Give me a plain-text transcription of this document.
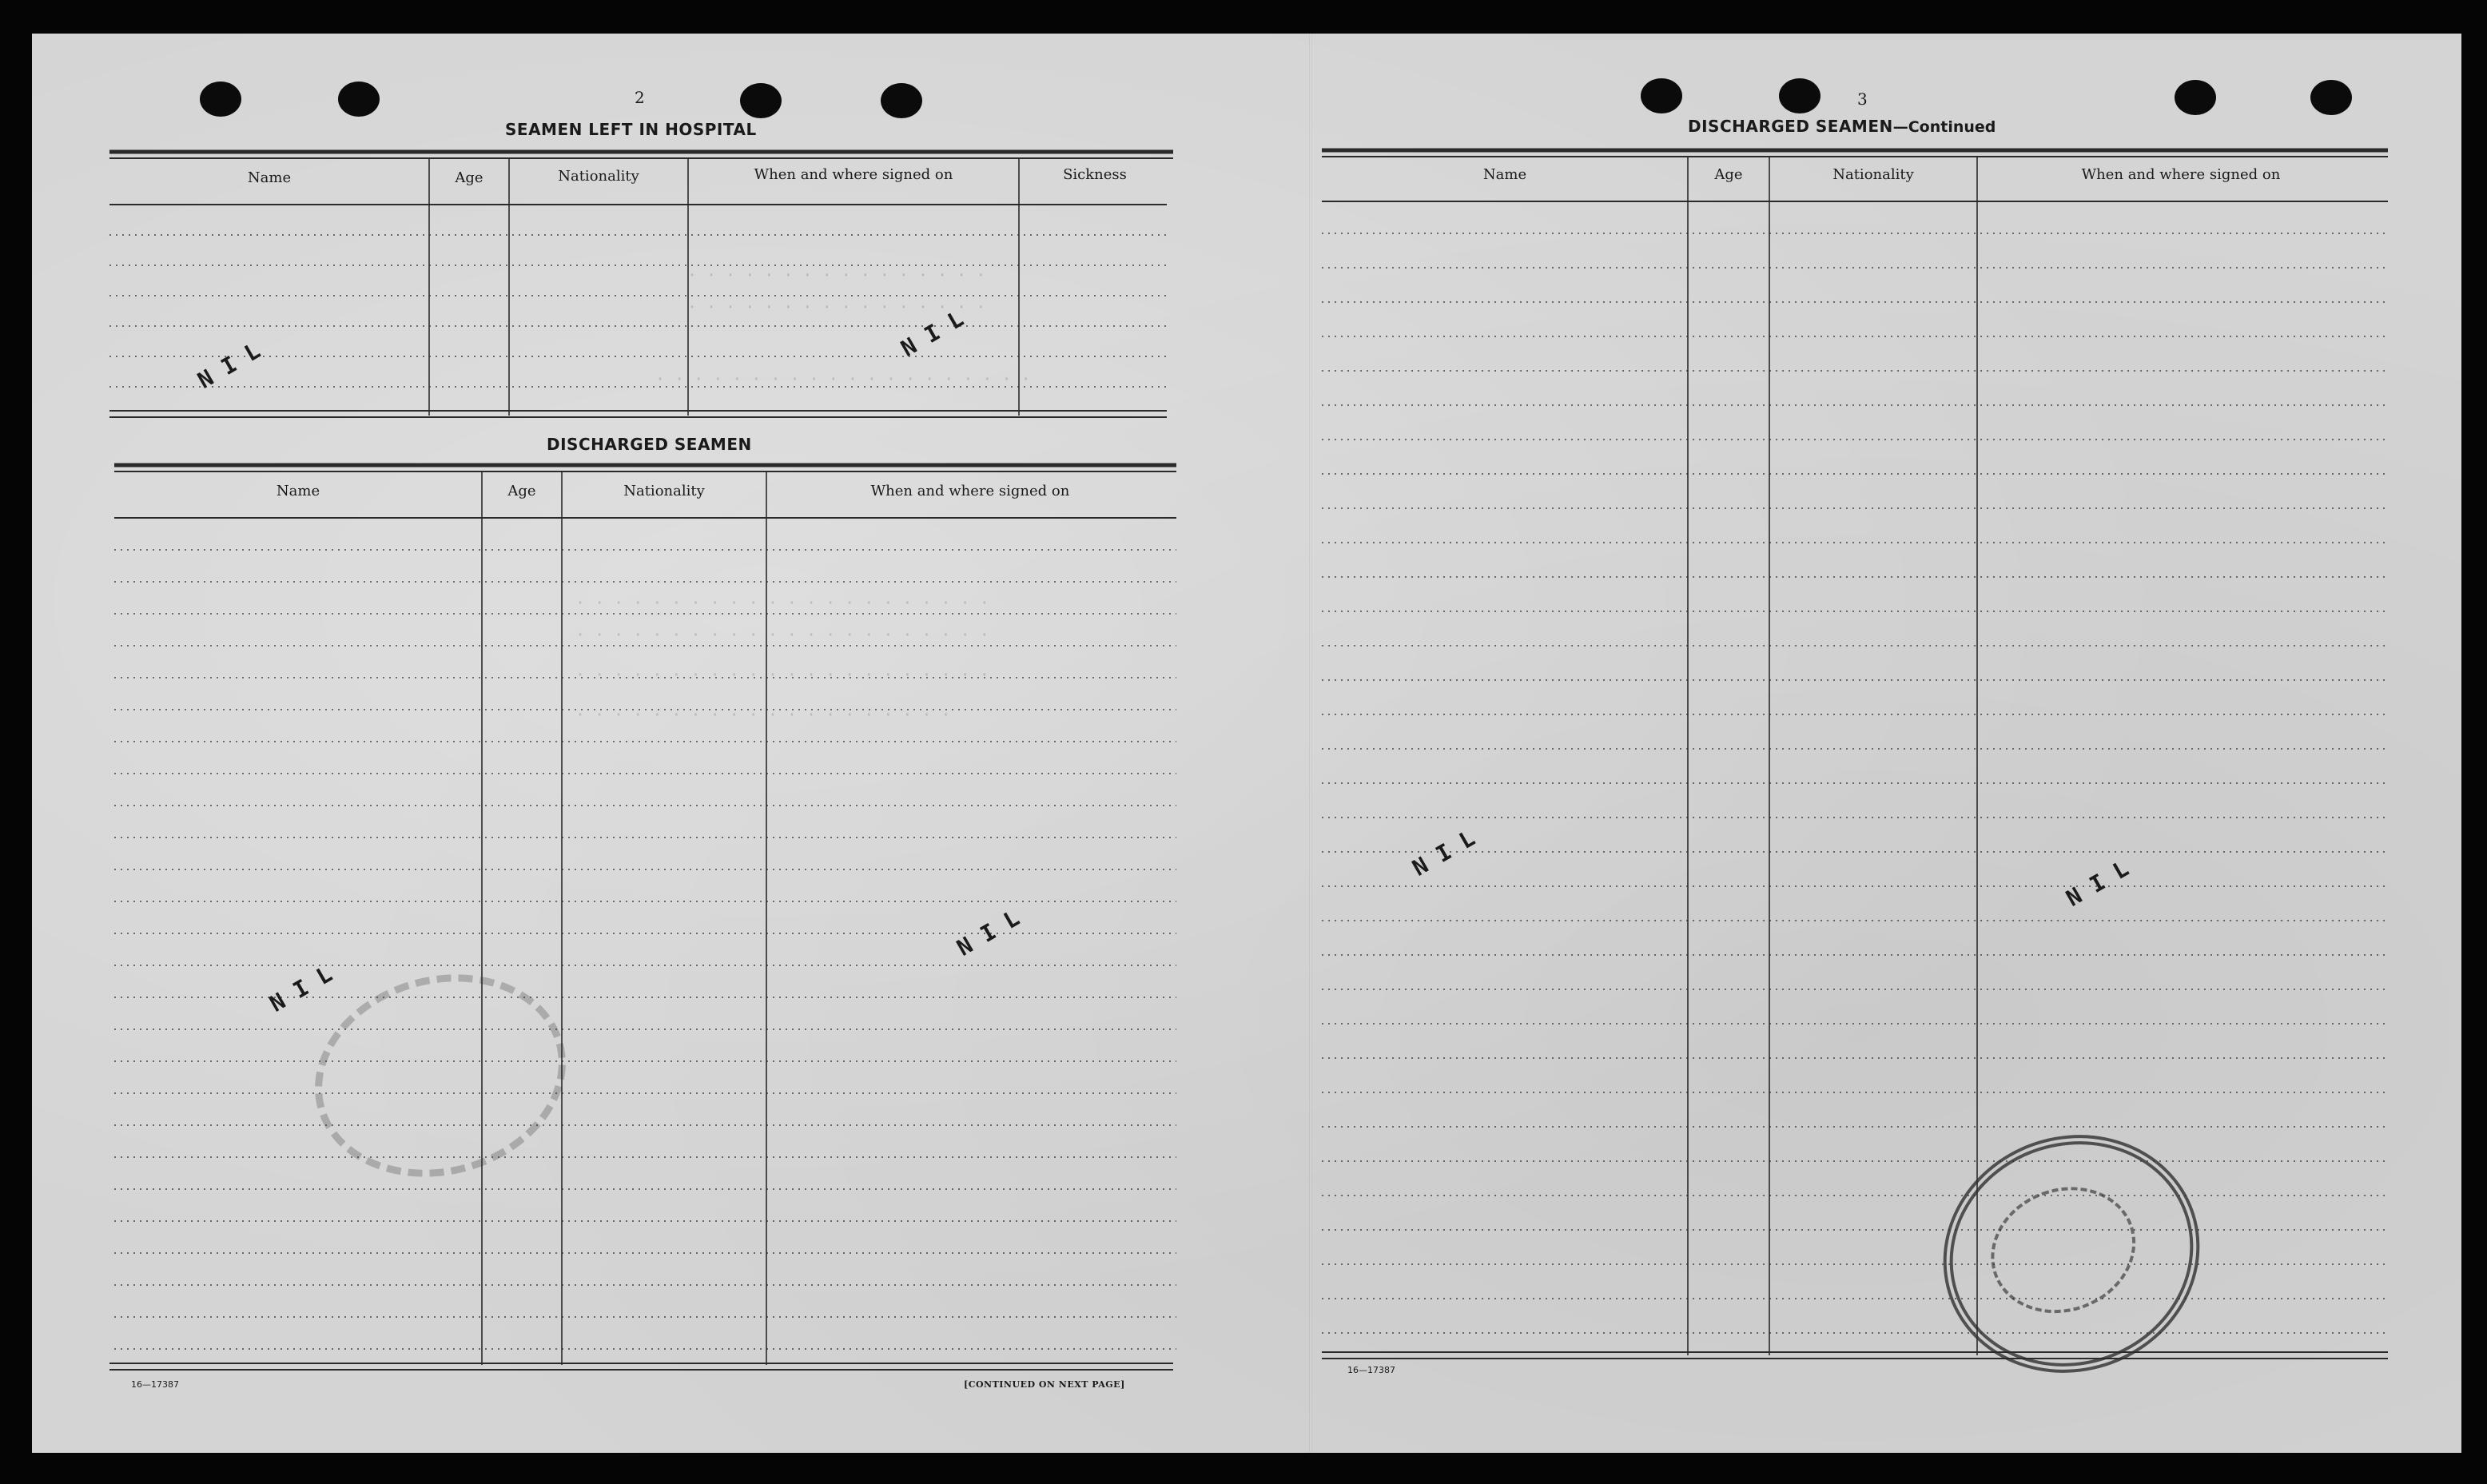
· · · · · · · · · · · · · · · ·
· · · · · · · · · · · · · · · ·
· · · · · · · · · · · · · · · · · · · ·
· · · · · · · · · · · · · · · · · · · · · ·
· · · · · · · · · · · · · · · · · · · · · ·
· · · · · · · · · · · · · · · · · · · · · ·
· · · · · · · · · · · · · · · · · · · ·
2
SEAMEN LEFT IN HOSPITAL
Name	Age	Nationality	When and where signed on	Sickness
N I L
N I L
DISCHARGED SEAMEN
Name	Age	Nationality	When and where signed on
N I L
N I L
16—17387	[CONTINUED ON NEXT PAGE]
3
DISCHARGED SEAMEN—Continued
Name	Age	Nationality	When and where signed on
N I L
N I L
16—17387
